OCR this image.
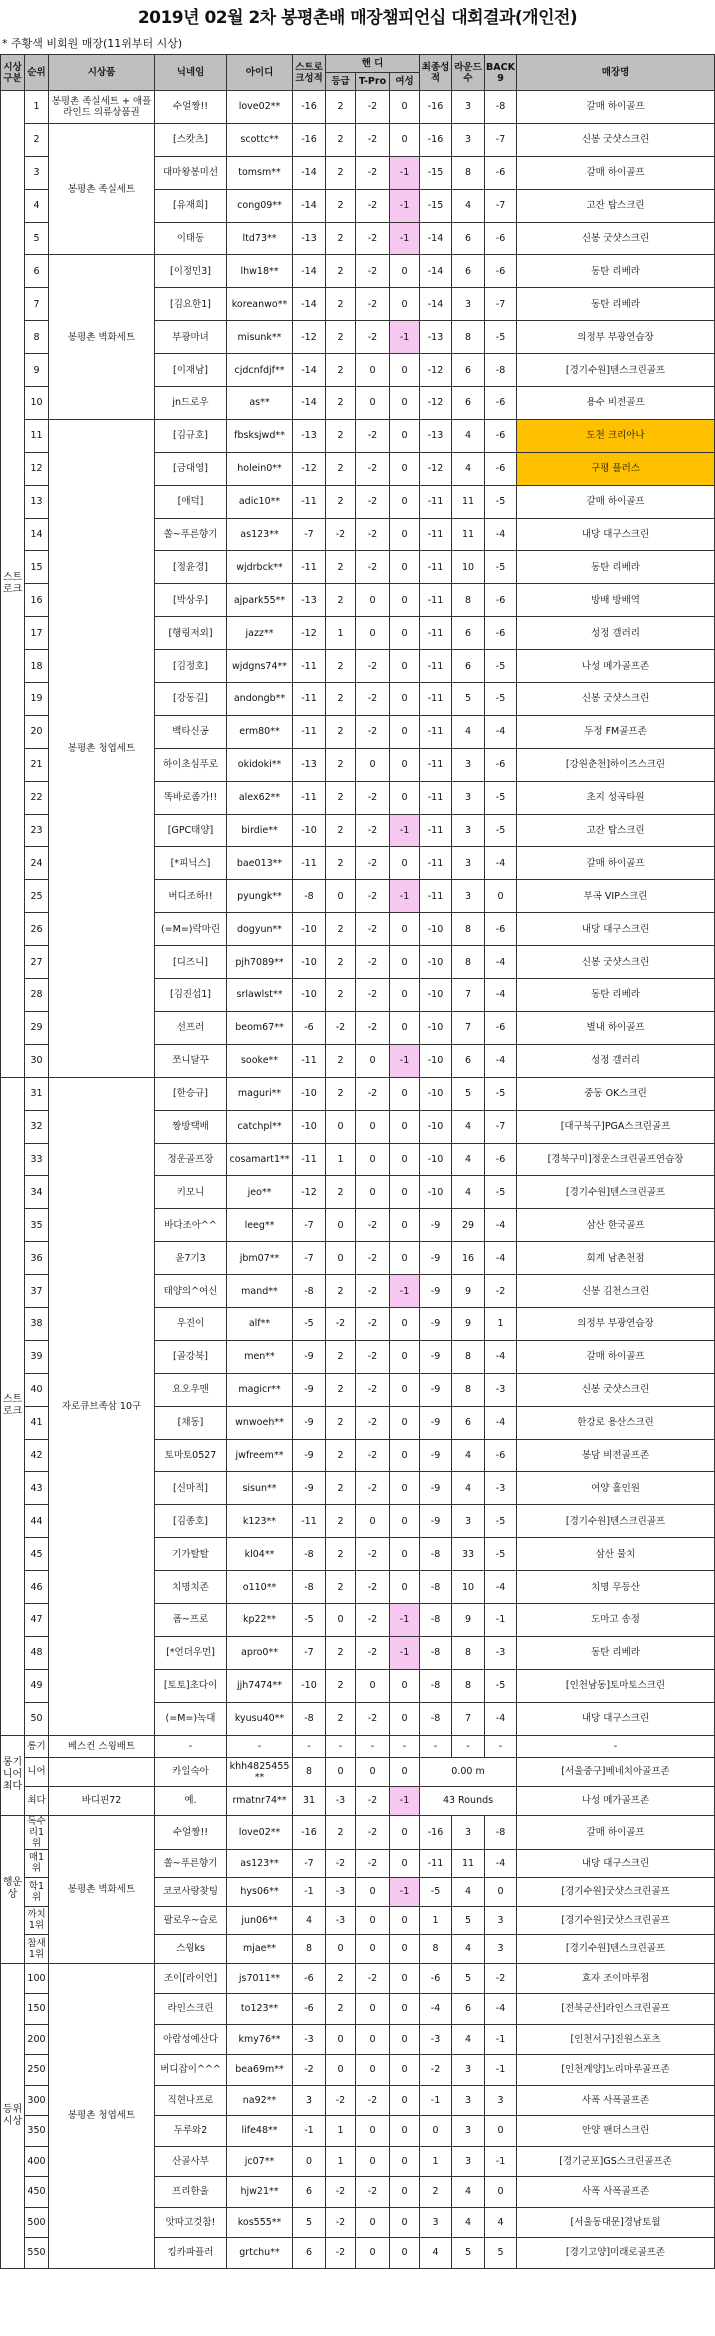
2019년 02월 2차 봉평촌배 매장챔피언십 대회결과(개인전)
* 주황색 비회원 매장(11위부터 시상)
시상구분	순위	시상품	닉네임	아이디	스트로크성적	핸 디			최종성적	라운드 수	BACK9	매장명
						등급	T-Pro	여성				
스트로크	1	봉평촌 족실세트 + 애플라인드 의류상품권	수얼짱!!	love02**	-16	2	-2	0	-16	3	-8	갈매 하이골프
	2	봉평촌 족실세트	[스캇츠]	scottc**	-16	2	-2	0	-16	3	-7	신봉 굿샷스크린
	3		대마왕봉미선	tomsm**	-14	2	-2	-1	-15	8	-6	갈매 하이골프
	4		[유재희]	cong09**	-14	2	-2	-1	-15	4	-7	고잔 탑스크린
	5		이태동	ltd73**	-13	2	-2	-1	-14	6	-6	신봉 굿샷스크린
	6	봉평촌 벽화세트	[이정민3]	lhw18**	-14	2	-2	0	-14	6	-6	동탄 리베라
	7		[김요한1]	koreanwo**	-14	2	-2	0	-14	3	-7	동탄 리베라
	8		부광마녀	misunk**	-12	2	-2	-1	-13	8	-5	의정부 부광연습장
	9		[이재남]	cjdcnfdjf**	-14	2	0	0	-12	6	-8	[경기수원]텐스크린골프
	10		jn드로우	as**	-14	2	0	0	-12	6	-6	용수 비전골프
	11	봉평촌 청엽세트	[김규호]	fbsksjwd**	-13	2	-2	0	-13	4	-6	도천 크리아나
	12		[금대영]	holein0**	-12	2	-2	0	-12	4	-6	구평 플러스
	13		[애덕]	adic10**	-11	2	-2	0	-11	11	-5	갈매 하이골프
	14		쏠~푸른향기	as123**	-7	-2	-2	0	-11	11	-4	내당 대구스크린
	15		[정윤경]	wjdrbck**	-11	2	-2	0	-11	10	-5	동탄 리베라
	16		[박상우]	ajpark55**	-13	2	0	0	-11	8	-6	방배 방배역
	17		[행링저외]	jazz**	-12	1	0	0	-11	6	-6	성정 갤러리
	18		[김정호]	wjdgns74**	-11	2	-2	0	-11	6	-5	나성 메가골프존
	19		[강동길]	andongb**	-11	2	-2	0	-11	5	-5	신봉 굿샷스크린
	20		백타신공	erm80**	-11	2	-2	0	-11	4	-4	두정 FM골프존
	21		하이초심푸로	okidoki**	-13	2	0	0	-11	3	-6	[강원춘천]하이즈스크린
	22		똑바로좀가!!	alex62**	-11	2	-2	0	-11	3	-5	초지 성곡타원
	23		[GPC태양]	birdie**	-10	2	-2	-1	-11	3	-5	고잔 탑스크린
	24		[*피닉스]	bae013**	-11	2	-2	0	-11	3	-4	갈매 하이골프
	25		버디조하!!	pyungk**	-8	0	-2	-1	-11	3	0	부곡 VIP스크린
	26		(=M=)락마린	dogyun**	-10	2	-2	0	-10	8	-6	내당 대구스크린
	27		[디즈니]	pjh7089**	-10	2	-2	0	-10	8	-4	신봉 굿샷스크린
	28		[김진섭1]	srlawlst**	-10	2	-2	0	-10	7	-4	동탄 리베라
	29		선프러	beom67**	-6	-2	-2	0	-10	7	-6	별내 하이골프
	30		쪼니달꾸	sooke**	-11	2	0	-1	-10	6	-4	성정 갤러리
스트로크	31	자로큐브족삼 10구	[한승규]	maguri**	-10	2	-2	0	-10	5	-5	중동 OK스크린
	32		짱방택배	catchpl**	-10	0	0	0	-10	4	-7	[대구북구]PGA스크린골프
	33		정운골프장	cosamart1**	-11	1	0	0	-10	4	-6	[경북구미]정운스크린골프연습장
	34		키모니	jeo**	-12	2	0	0	-10	4	-5	[경기수원]텐스크린골프
	35		바다조아^^	leeg**	-7	0	-2	0	-9	29	-4	삼산 한국골프
	36		윤7기3	jbm07**	-7	0	-2	0	-9	16	-4	회계 남촌천점
	37		태양의^여신	mand**	-8	2	-2	-1	-9	9	-2	신봉 김천스크린
	38		우진이	alf**	-5	-2	-2	0	-9	9	1	의정부 부광연습장
	39		[골강북]	men**	-9	2	-2	0	-9	8	-4	갈매 하이골프
	40		요오우맨	magicr**	-9	2	-2	0	-9	8	-3	신봉 굿샷스크린
	41		[채동]	wnwoeh**	-9	2	-2	0	-9	6	-4	한강로 용산스크린
	42		토마토0527	jwfreem**	-9	2	-2	0	-9	4	-6	봉담 비전골프존
	43		[신마적]	sisun**	-9	2	-2	0	-9	4	-3	여양 홀인원
	44		[김종호]	k123**	-11	2	0	0	-9	3	-5	[경기수원]텐스크린골프
	45		기가탈탈	kl04**	-8	2	-2	0	-8	33	-5	삼산 물치
	46		치명치존	o110**	-8	2	-2	0	-8	10	-4	치명 무등산
	47		폼~프로	kp22**	-5	0	-2	-1	-8	9	-1	도마고 송정
	48		[*언더우먼]	apro0**	-7	2	-2	-1	-8	8	-3	동탄 리베라
	49		[토토]초다이	jjh7474**	-10	2	0	0	-8	8	-5	[인천남동]토마토스크린
	50		(=M=)녹대	kyusu40**	-8	2	-2	0	-8	7	-4	내당 대구스크린
롱기니어최다	롱기	베스컨 스윙배트	-	-	-	-	-	-	-	-	-	-
	니어		카일숙아	khh4825455**	8	0	0	0	0.00 m			[서울중구]베네치아골프존
	최다	바디핀72	예.	rmatnr74**	31	-3	-2	-1	43 Rounds			나성 메가골프존
행운상	독수리1위	봉평촌 벽화세트	수얼짱!!	love02**	-16	2	-2	0	-16	3	-8	갈매 하이골프
	매1위		쏠~푸른향기	as123**	-7	-2	-2	0	-11	11	-4	내당 대구스크린
	학1위		코코사랑찾팅	hys06**	-1	-3	0	-1	-5	4	0	[경기수원]굿샷스크린골프
	까치1위		팔로우~슬로	jun06**	4	-3	0	0	1	5	3	[경기수원]굿샷스크린골프
	참새1위		스윙ks	mjae**	8	0	0	0	8	4	3	[경기수원]텐스크린골프
등위시상	100	봉평촌 청엽세트	조이[라이언]	js7011**	-6	2	-2	0	-6	5	-2	효자 조이마루점
	150		라인스크린	to123**	-6	2	0	0	-4	6	-4	[전북군산]라인스크린골프
	200		아람성예산다	kmy76**	-3	0	0	0	-3	4	-1	[인천서구]진원스포츠
	250		버디잡이^^^	bea69m**	-2	0	0	0	-2	3	-1	[인천계양]노리마루골프존
	300		직현나프로	na92**	3	-2	-2	0	-1	3	3	사폭 사폭골프존
	350		두루와2	life48**	-1	1	0	0	0	3	0	안양 팬더스크린
	400		산골사부	jc07**	0	1	0	0	1	3	-1	[경기군포]GS스크린골프존
	450		프리한울	hjw21**	6	-2	-2	0	2	4	0	사폭 사폭골프존
	500		앗따고것참!	kos555**	5	-2	0	0	3	4	4	[서울동대문]경남토월
	550		킹카파플러	grtchu**	6	-2	0	0	4	5	5	[경기고양]미래로골프존
